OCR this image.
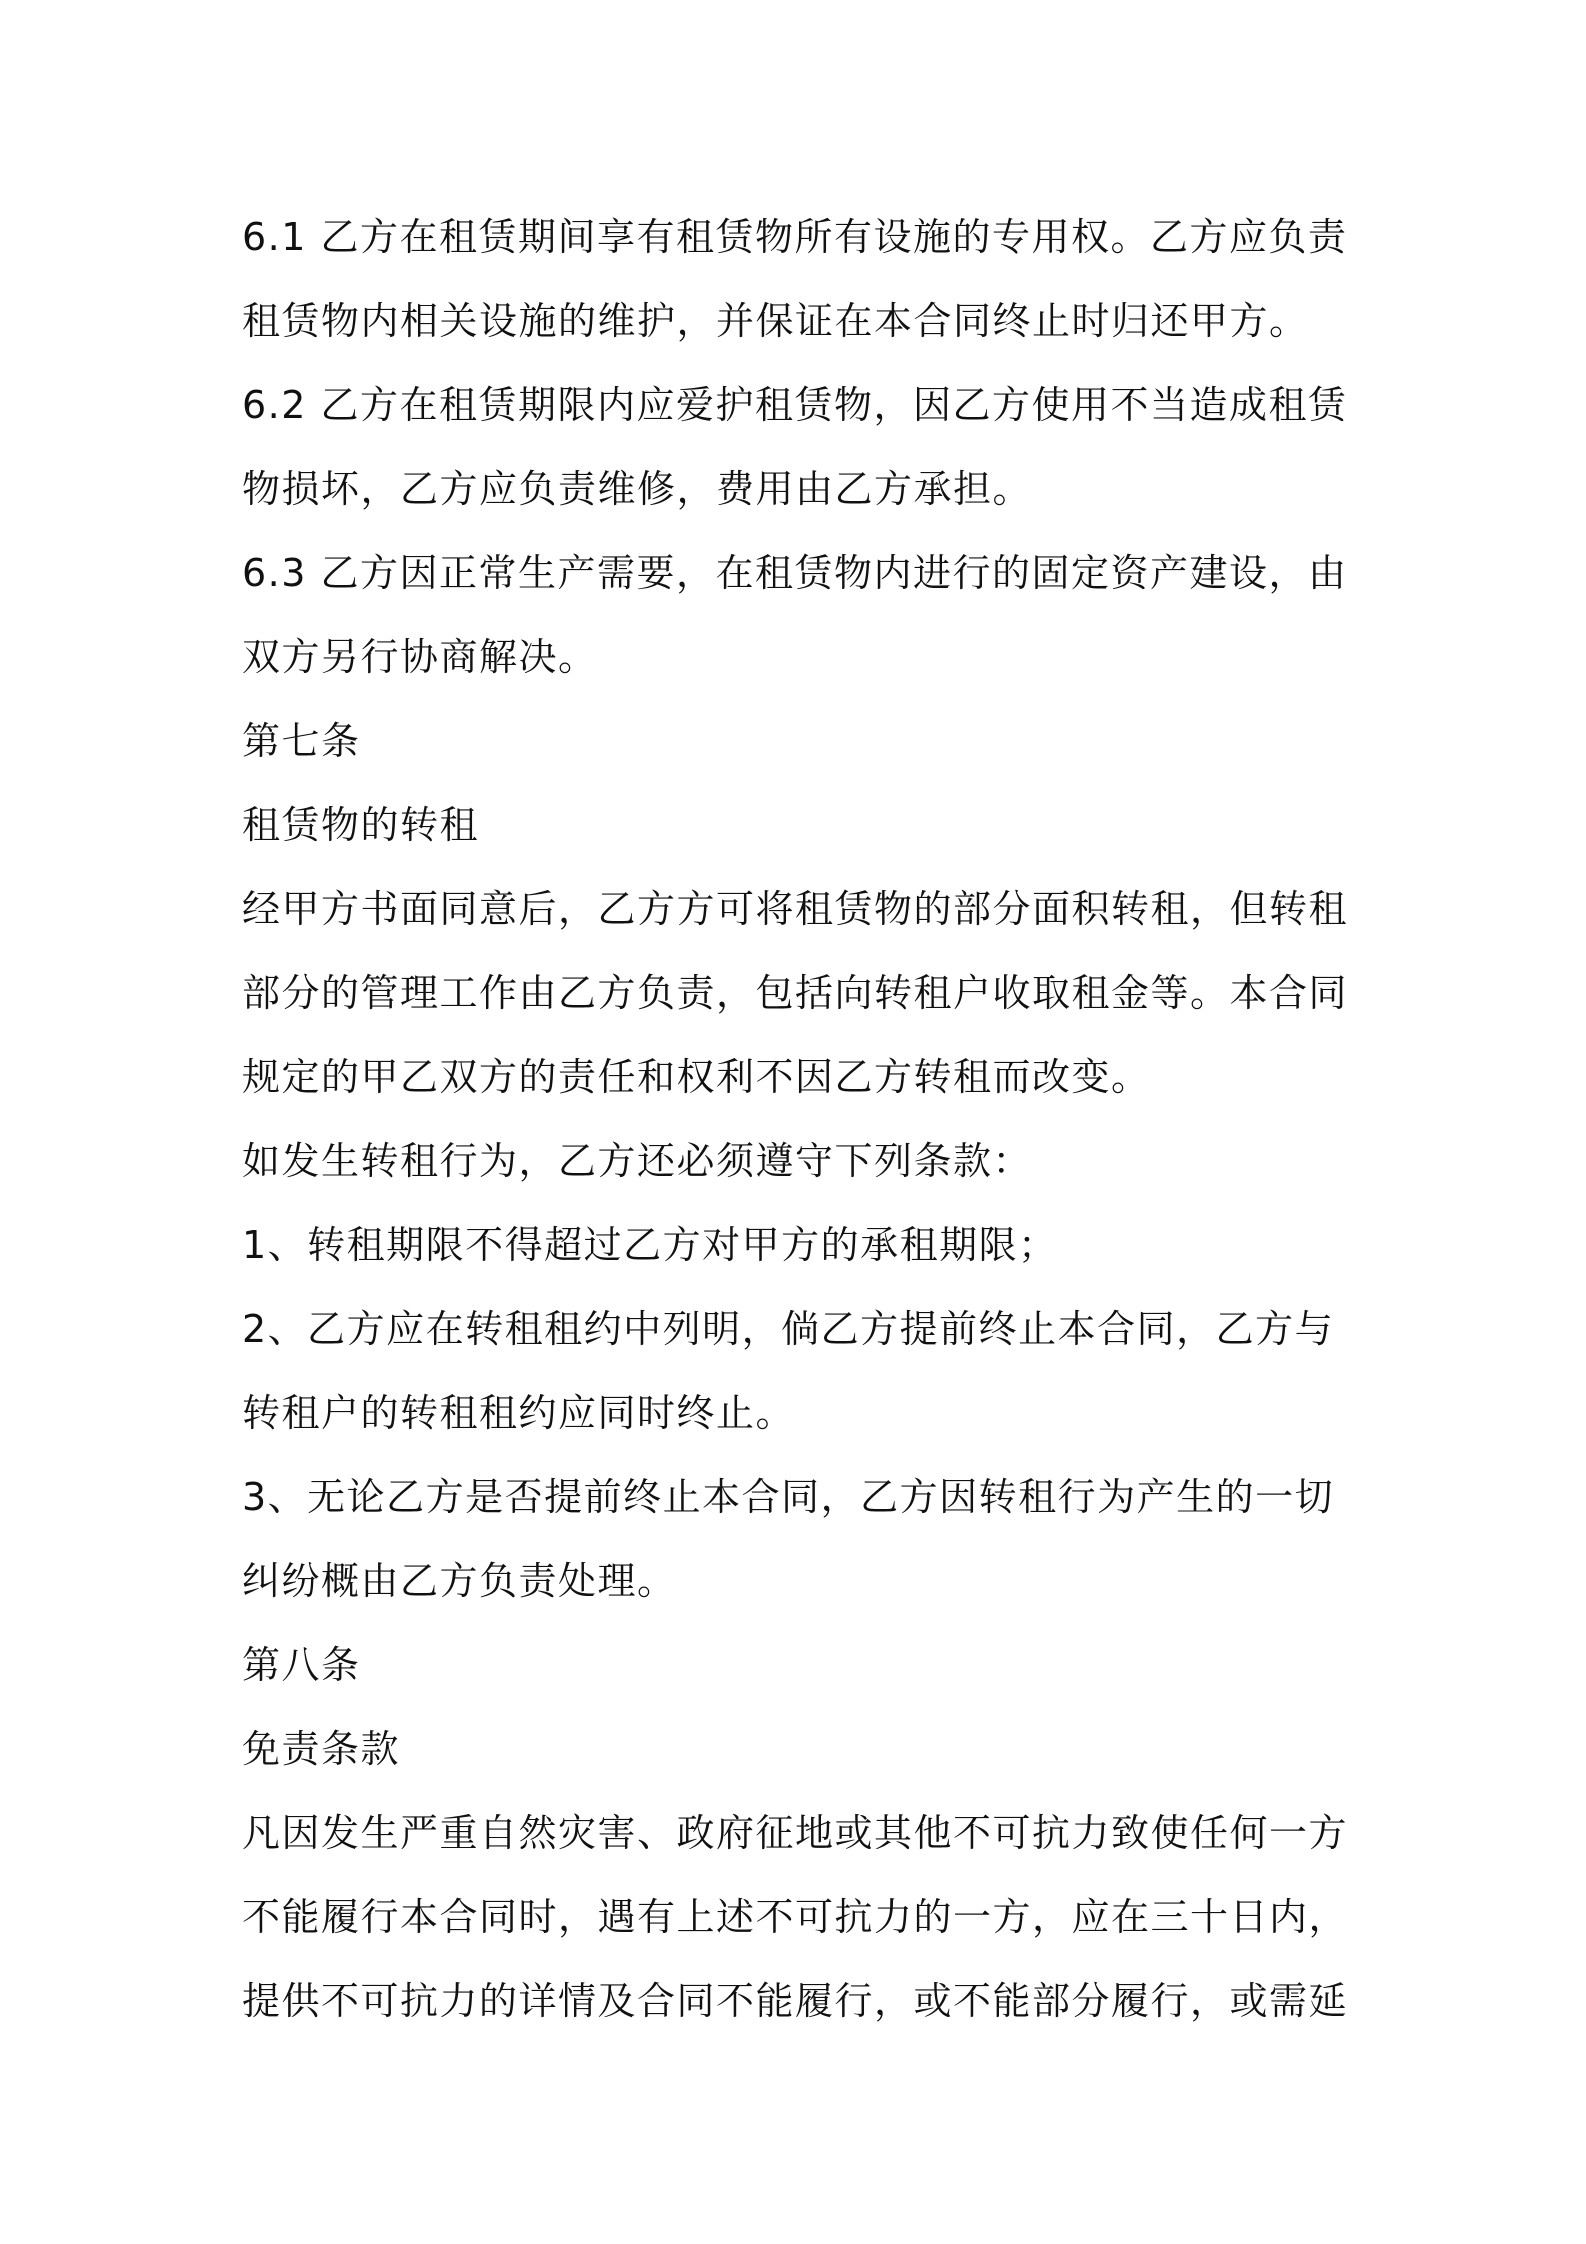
6.1 乙方在租赁期间享有租赁物所有设施的专用权。乙方应负责
租赁物内相关设施的维护，并保证在本合同终止时归还甲方。
6.2 乙方在租赁期限内应爱护租赁物，因乙方使用不当造成租赁
物损坏，乙方应负责维修，费用由乙方承担。
6.3 乙方因正常生产需要，在租赁物内进行的固定资产建设，由
双方另行协商解决。
第七条
租赁物的转租
经甲方书面同意后，乙方方可将租赁物的部分面积转租，但转租
部分的管理工作由乙方负责，包括向转租户收取租金等。本合同
规定的甲乙双方的责任和权利不因乙方转租而改变。
如发生转租行为，乙方还必须遵守下列条款：
1、转租期限不得超过乙方对甲方的承租期限；
2、乙方应在转租租约中列明，倘乙方提前终止本合同，乙方与
转租户的转租租约应同时终止。
3、无论乙方是否提前终止本合同，乙方因转租行为产生的一切
纠纷概由乙方负责处理。
第八条
免责条款
凡因发生严重自然灾害、政府征地或其他不可抗力致使任何一方
不能履行本合同时，遇有上述不可抗力的一方，应在三十日内，
提供不可抗力的详情及合同不能履行，或不能部分履行，或需延
